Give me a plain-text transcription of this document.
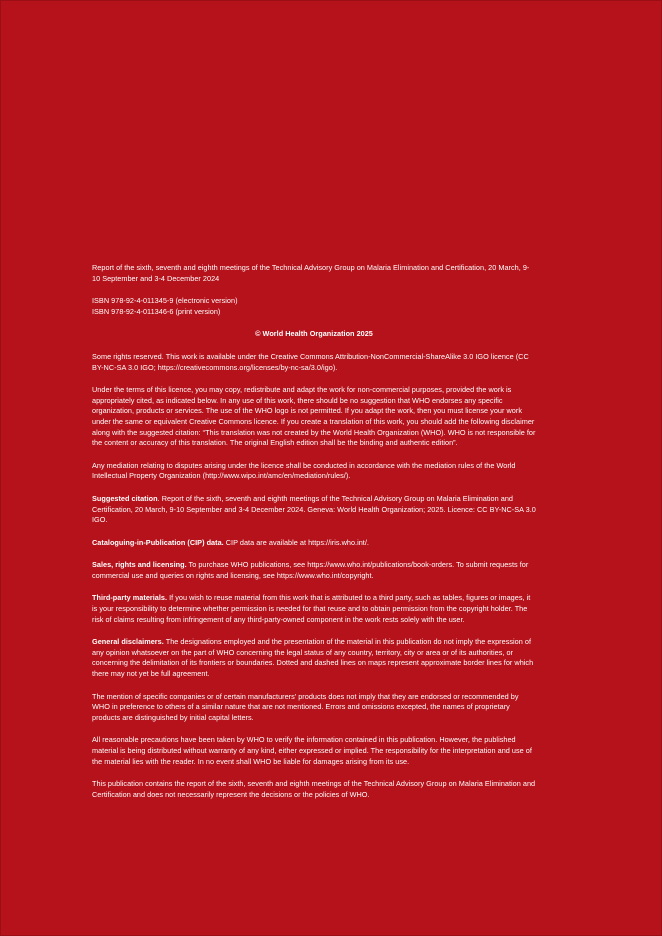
Report of the sixth, seventh and eighth meetings of the Technical Advisory Group on Malaria Elimination and Certification, 20 March, 9-10 September and 3-4 December 2024

ISBN 978-92-4-011345-9 (electronic version)
ISBN 978-92-4-011346-6 (print version)

© World Health Organization 2025

Some rights reserved. This work is available under the Creative Commons Attribution-NonCommercial-ShareAlike 3.0 IGO licence (CC BY-NC-SA 3.0 IGO; https://creativecommons.org/licenses/by-nc-sa/3.0/igo).

Under the terms of this licence, you may copy, redistribute and adapt the work for non-commercial purposes, provided the work is appropriately cited, as indicated below. In any use of this work, there should be no suggestion that WHO endorses any specific organization, products or services. The use of the WHO logo is not permitted. If you adapt the work, then you must license your work under the same or equivalent Creative Commons licence. If you create a translation of this work, you should add the following disclaimer along with the suggested citation: “This translation was not created by the World Health Organization (WHO). WHO is not responsible for the content or accuracy of this translation. The original English edition shall be the binding and authentic edition”.

Any mediation relating to disputes arising under the licence shall be conducted in accordance with the mediation rules of the World Intellectual Property Organization (http://www.wipo.int/amc/en/mediation/rules/).

Suggested citation. Report of the sixth, seventh and eighth meetings of the Technical Advisory Group on Malaria Elimination and Certification, 20 March, 9-10 September and 3-4 December 2024. Geneva: World Health Organization; 2025. Licence: CC BY-NC-SA 3.0 IGO.

Cataloguing-in-Publication (CIP) data. CIP data are available at https://iris.who.int/.

Sales, rights and licensing. To purchase WHO publications, see https://www.who.int/publications/book-orders. To submit requests for commercial use and queries on rights and licensing, see https://www.who.int/copyright.

Third-party materials. If you wish to reuse material from this work that is attributed to a third party, such as tables, figures or images, it is your responsibility to determine whether permission is needed for that reuse and to obtain permission from the copyright holder. The risk of claims resulting from infringement of any third-party-owned component in the work rests solely with the user.

General disclaimers. The designations employed and the presentation of the material in this publication do not imply the expression of any opinion whatsoever on the part of WHO concerning the legal status of any country, territory, city or area or of its authorities, or concerning the delimitation of its frontiers or boundaries. Dotted and dashed lines on maps represent approximate border lines for which there may not yet be full agreement.

The mention of specific companies or of certain manufacturers’ products does not imply that they are endorsed or recommended by WHO in preference to others of a similar nature that are not mentioned. Errors and omissions excepted, the names of proprietary products are distinguished by initial capital letters.

All reasonable precautions have been taken by WHO to verify the information contained in this publication. However, the published material is being distributed without warranty of any kind, either expressed or implied. The responsibility for the interpretation and use of the material lies with the reader. In no event shall WHO be liable for damages arising from its use.

This publication contains the report of the sixth, seventh and eighth meetings of the Technical Advisory Group on Malaria Elimination and Certification and does not necessarily represent the decisions or the policies of WHO.
